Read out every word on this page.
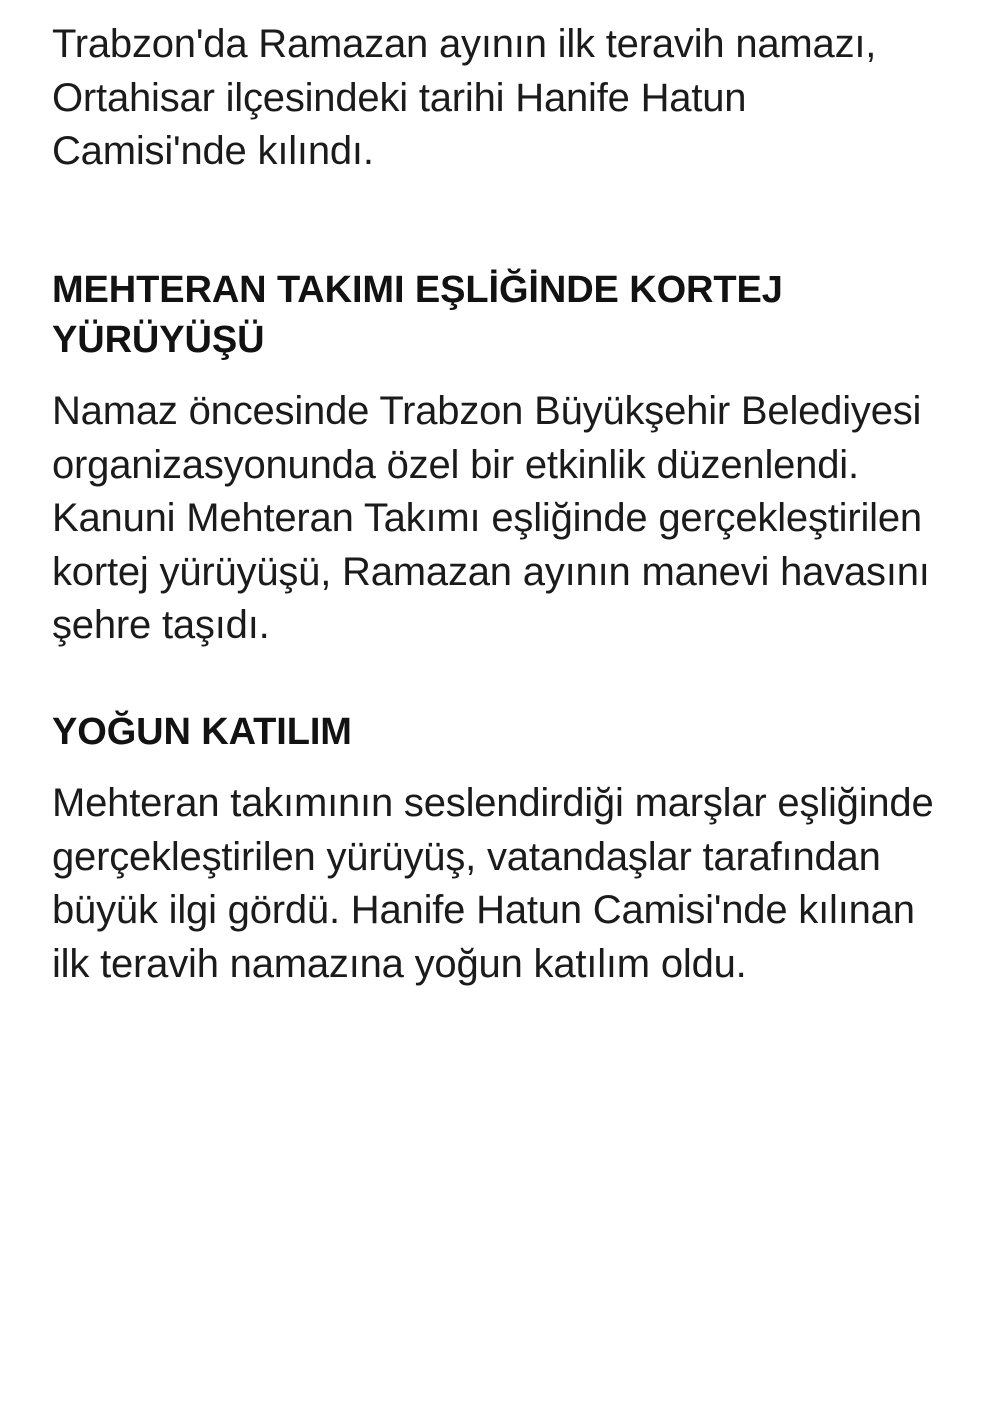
Trabzon'da Ramazan ayının ilk teravih namazı, Ortahisar ilçesindeki tarihi Hanife Hatun Camisi'nde kılındı.

MEHTERAN TAKIMI EŞLİĞİNDE KORTEJ YÜRÜYÜŞÜ

Namaz öncesinde Trabzon Büyükşehir Belediyesi organizasyonunda özel bir etkinlik düzenlendi. Kanuni Mehteran Takımı eşliğinde gerçekleştirilen kortej yürüyüşü, Ramazan ayının manevi havasını şehre taşıdı.

YOĞUN KATILIM

Mehteran takımının seslendirdiği marşlar eşliğinde gerçekleştirilen yürüyüş, vatandaşlar tarafından büyük ilgi gördü. Hanife Hatun Camisi'nde kılınan ilk teravih namazına yoğun katılım oldu.
